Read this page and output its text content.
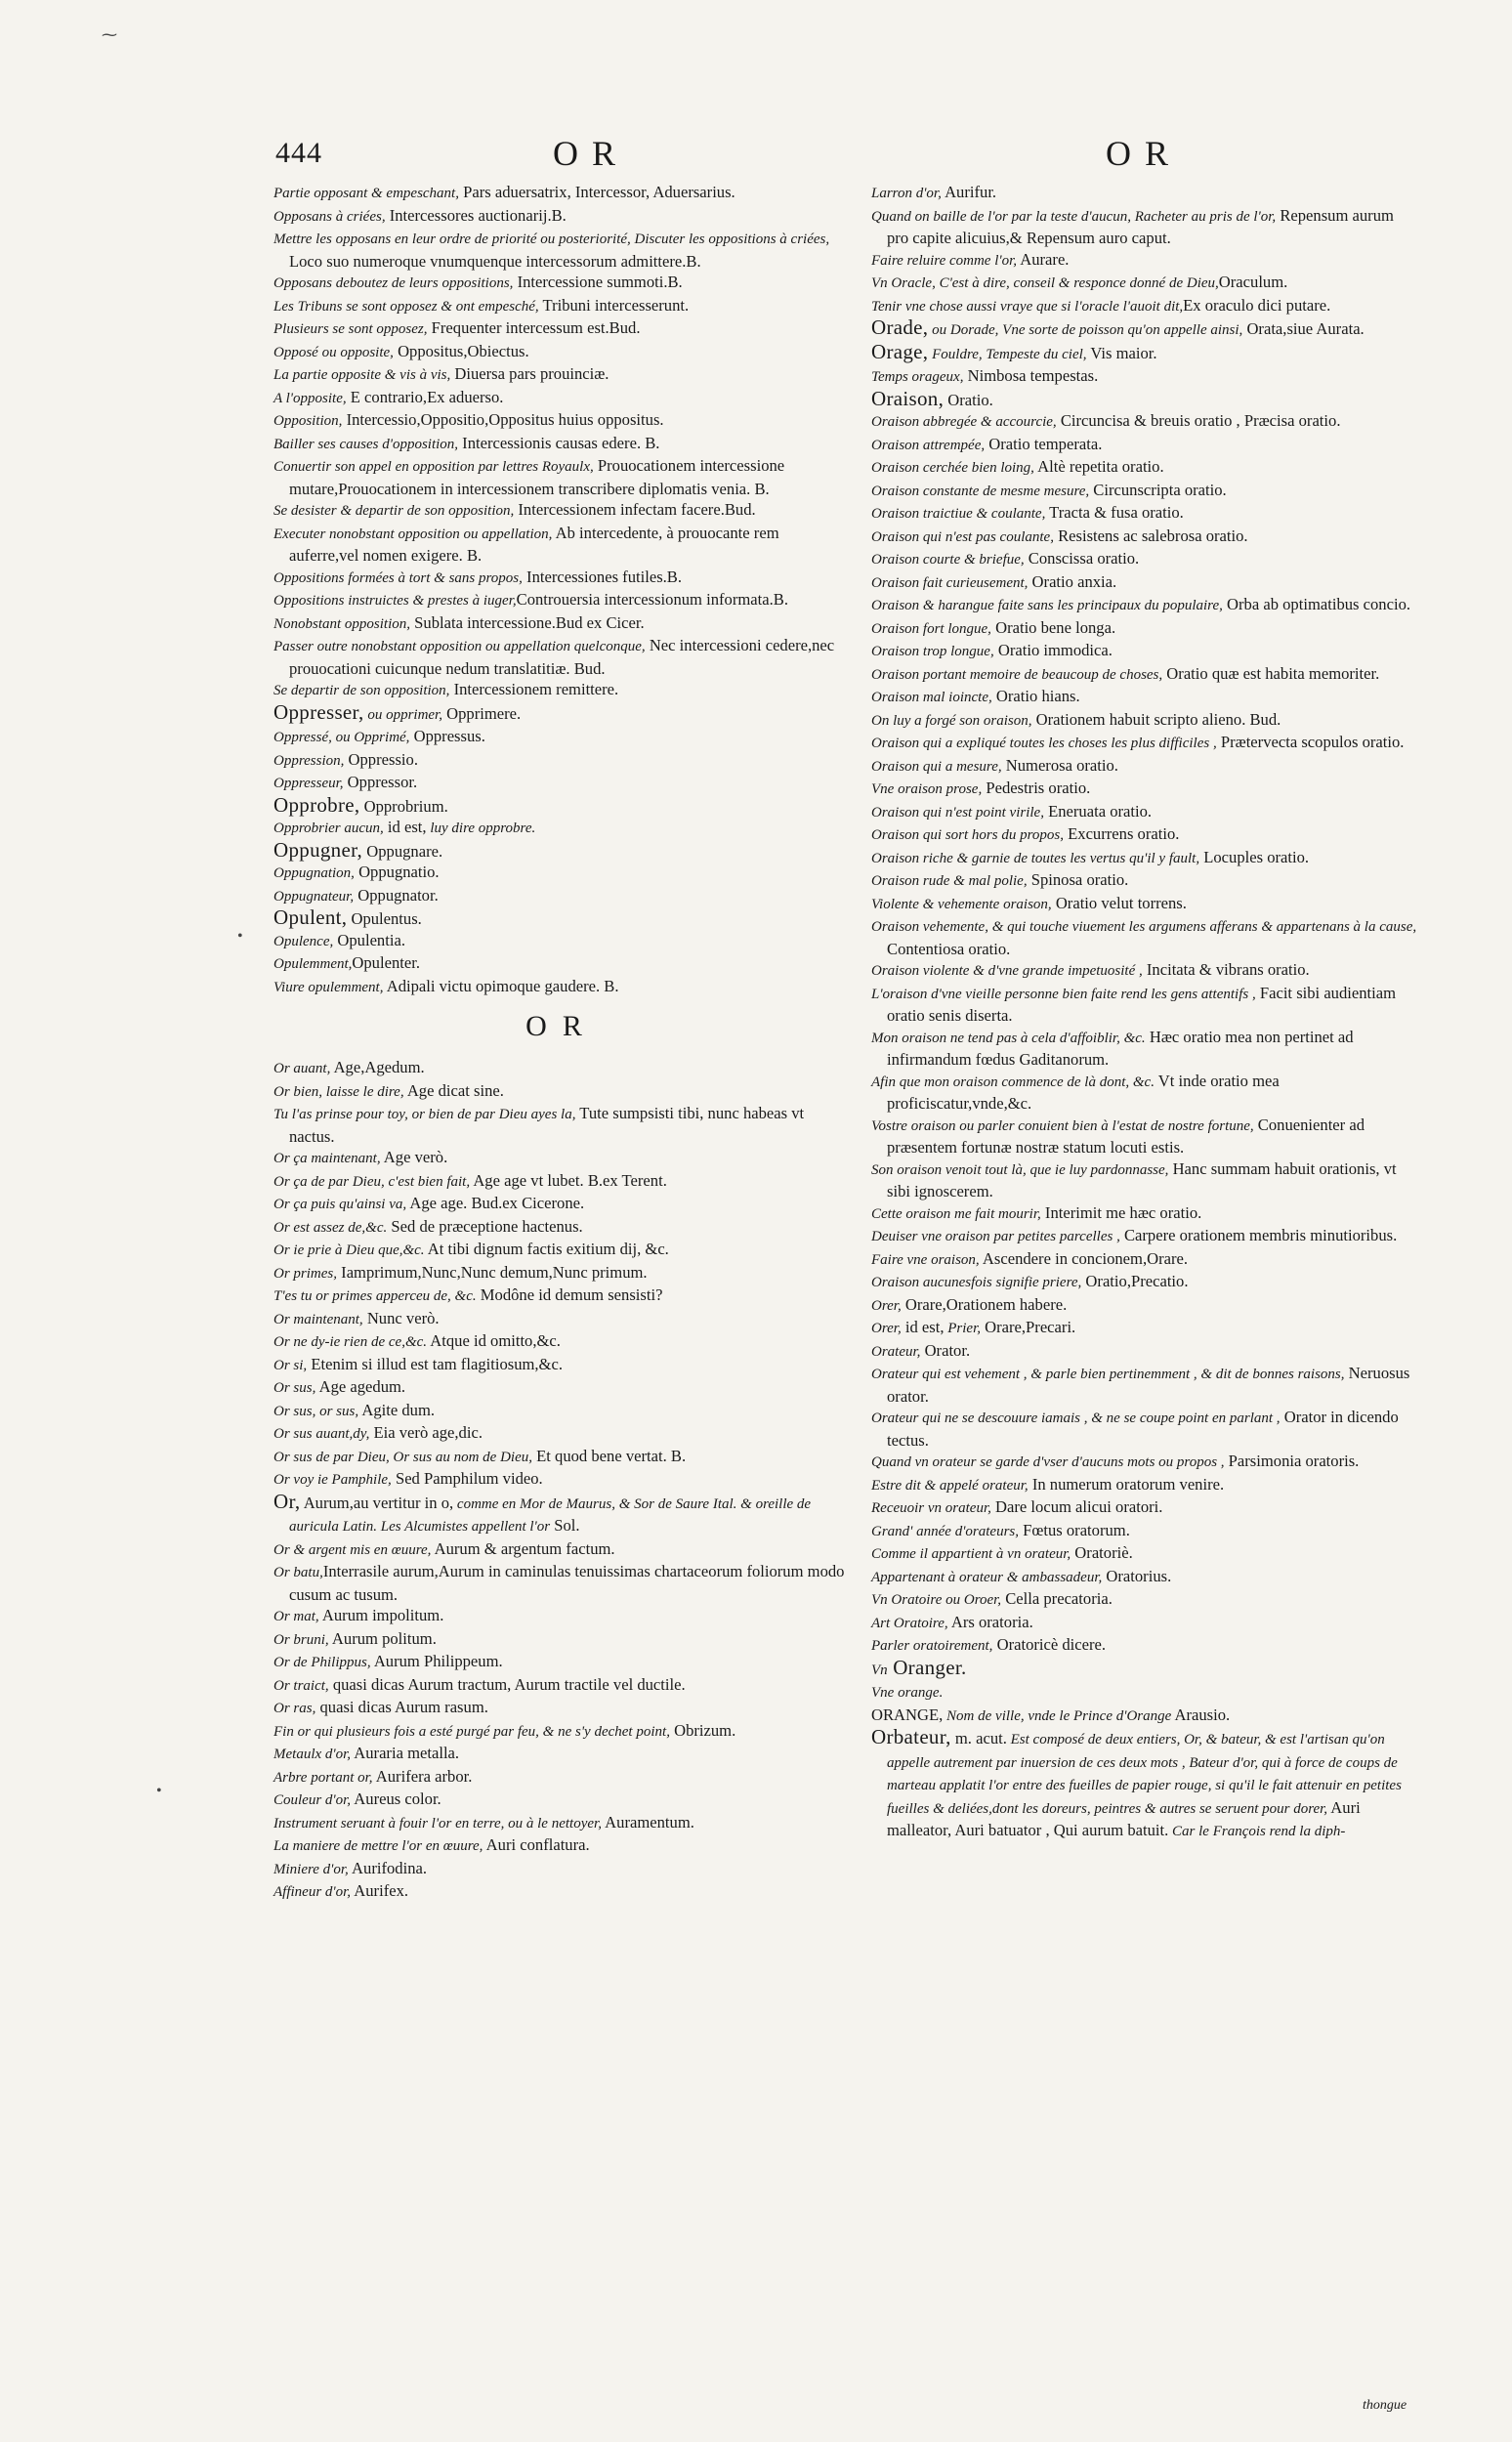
444	OR	OR

Partie opposant & empeschant, Pars aduersatrix, Intercessor, Aduersarius.

Opposans à criées, Intercessores auctionarij.B.

Mettre les opposans en leur ordre de priorité ou posteriorité, Discuter les oppositions à criées, Loco suo numeroque vnumquenque intercessorum admittere.B.

Opposans deboutez de leurs oppositions, Intercessione summoti.B.

Les Tribuns se sont opposez & ont empesché, Tribuni intercesserunt.

Plusieurs se sont opposez, Frequenter intercessum est.Bud.

Opposé ou opposite, Oppositus,Obiectus.

La partie opposite & vis à vis, Diuersa pars prouinciæ.

A l'opposite, E contrario,Ex aduerso.

Opposition, Intercessio,Oppositio,Oppositus huius oppositus.

Bailler ses causes d'opposition, Intercessionis causas edere. B.

Conuertir son appel en opposition par lettres Royaulx, Prouocationem intercessione mutare,Prouocationem in intercessionem transcribere diplomatis venia. B.

Se desister & departir de son opposition, Intercessionem infectam facere.Bud.

Executer nonobstant opposition ou appellation, Ab intercedente, à prouocante rem auferre,vel nomen exigere. B.

Oppositions formées à tort & sans propos, Intercessiones futiles.B.

Oppositions instruictes & prestes à iuger,Controuersia intercessionum informata.B.

Nonobstant opposition, Sublata intercessione.Bud ex Cicer.

Passer outre nonobstant opposition ou appellation quelconque, Nec intercessioni cedere,nec prouocationi cuicunque nedum translatitiæ. Bud.

Se departir de son opposition, Intercessionem remittere.

Oppresser, ou opprimer, Opprimere.

Oppressé, ou Opprimé, Oppressus.

Oppression, Oppressio.

Oppresseur, Oppressor.

Opprobre, Opprobrium.

Opprobrier aucun, id est, luy dire opprobre.

Oppugner, Oppugnare.

Oppugnation, Oppugnatio.

Oppugnateur, Oppugnator.

Opulent, Opulentus.

Opulence, Opulentia.

Opulemment,Opulenter.

Viure opulemment, Adipali victu opimoque gaudere. B.

OR

Or auant, Age,Agedum.

Or bien, laisse le dire, Age dicat sine.

Tu l'as prinse pour toy, or bien de par Dieu ayes la, Tute sumpsisti tibi, nunc habeas vt nactus.

Or ça maintenant, Age verò.

Or ça de par Dieu, c'est bien fait, Age age vt lubet. B.ex Terent.

Or ça puis qu'ainsi va, Age age. Bud.ex Cicerone.

Or est assez de,&c. Sed de præceptione hactenus.

Or ie prie à Dieu que,&c. At tibi dignum factis exitium dij, &c.

Or primes, Iamprimum,Nunc,Nunc demum,Nunc primum.

T'es tu or primes apperceu de, &c. Modône id demum sensisti?

Or maintenant, Nunc verò.

Or ne dy-ie rien de ce,&c. Atque id omitto,&c.

Or si, Etenim si illud est tam flagitiosum,&c.

Or sus, Age agedum.

Or sus, or sus, Agite dum.

Or sus auant,dy, Eia verò age,dic.

Or sus de par Dieu, Or sus au nom de Dieu, Et quod bene vertat. B.

Or voy ie Pamphile, Sed Pamphilum video.

Or, Aurum,au vertitur in o, comme en Mor de Maurus, & Sor de Saure Ital. & oreille de auricula Latin. Les Alcumistes appellent l'or Sol.

Or & argent mis en œuure, Aurum & argentum factum.

Or batu,Interrasile aurum,Aurum in caminulas tenuissimas chartaceorum foliorum modo cusum ac tusum.

Or mat, Aurum impolitum.

Or bruni, Aurum politum.

Or de Philippus, Aurum Philippeum.

Or traict, quasi dicas Aurum tractum, Aurum tractile vel ductile.

Or ras, quasi dicas Aurum rasum.

Fin or qui plusieurs fois a esté purgé par feu, & ne s'y dechet point, Obrizum.

Metaulx d'or, Auraria metalla.

Arbre portant or, Aurifera arbor.

Couleur d'or, Aureus color.

Instrument seruant à fouir l'or en terre, ou à le nettoyer, Auramentum.

La maniere de mettre l'or en œuure, Auri conflatura.

Miniere d'or, Aurifodina.

Affineur d'or, Aurifex.

Larron d'or, Aurifur.

Quand on baille de l'or par la teste d'aucun, Racheter au pris de l'or, Repensum aurum pro capite alicuius,& Repensum auro caput.

Faire reluire comme l'or, Aurare.

Vn Oracle, C'est à dire, conseil & responce donné de Dieu,Oraculum.

Tenir vne chose aussi vraye que si l'oracle l'auoit dit,Ex oraculo dici putare.

Orade, ou Dorade, Vne sorte de poisson qu'on appelle ainsi, Orata,siue Aurata.

Orage, Fouldre, Tempeste du ciel, Vis maior.

Temps orageux, Nimbosa tempestas.

Oraison, Oratio.

Oraison abbregée & accourcie, Circuncisa & breuis oratio , Præcisa oratio.

Oraison attrempée, Oratio temperata.

Oraison cerchée bien loing, Altè repetita oratio.

Oraison constante de mesme mesure, Circunscripta oratio.

Oraison traictiue & coulante, Tracta & fusa oratio.

Oraison qui n'est pas coulante, Resistens ac salebrosa oratio.

Oraison courte & briefue, Conscissa oratio.

Oraison fait curieusement, Oratio anxia.

Oraison & harangue faite sans les principaux du populaire, Orba ab optimatibus concio.

Oraison fort longue, Oratio bene longa.

Oraison trop longue, Oratio immodica.

Oraison portant memoire de beaucoup de choses, Oratio quæ est habita memoriter.

Oraison mal ioincte, Oratio hians.

On luy a forgé son oraison, Orationem habuit scripto alieno. Bud.

Oraison qui a expliqué toutes les choses les plus difficiles , Prætervecta scopulos oratio.

Oraison qui a mesure, Numerosa oratio.

Vne oraison prose, Pedestris oratio.

Oraison qui n'est point virile, Eneruata oratio.

Oraison qui sort hors du propos, Excurrens oratio.

Oraison riche & garnie de toutes les vertus qu'il y fault, Locuples oratio.

Oraison rude & mal polie, Spinosa oratio.

Violente & vehemente oraison, Oratio velut torrens.

Oraison vehemente, & qui touche viuement les argumens afferans & appartenans à la cause, Contentiosa oratio.

Oraison violente & d'vne grande impetuosité , Incitata & vibrans oratio.

L'oraison d'vne vieille personne bien faite rend les gens attentifs , Facit sibi audientiam oratio senis diserta.

Mon oraison ne tend pas à cela d'affoiblir, &c. Hæc oratio mea non pertinet ad infirmandum fœdus Gaditanorum.

Afin que mon oraison commence de là dont, &c. Vt inde oratio mea proficiscatur,vnde,&c.

Vostre oraison ou parler conuient bien à l'estat de nostre fortune, Conuenienter ad præsentem fortunæ nostræ statum locuti estis.

Son oraison venoit tout là, que ie luy pardonnasse, Hanc summam habuit orationis, vt sibi ignoscerem.

Cette oraison me fait mourir, Interimit me hæc oratio.

Deuiser vne oraison par petites parcelles , Carpere orationem membris minutioribus.

Faire vne oraison, Ascendere in concionem,Orare.

Oraison aucunesfois signifie priere, Oratio,Precatio.

Orer, Orare,Orationem habere.

Orer, id est, Prier, Orare,Precari.

Orateur, Orator.

Orateur qui est vehement , & parle bien pertinemment , & dit de bonnes raisons, Neruosus orator.

Orateur qui ne se descouure iamais , & ne se coupe point en parlant , Orator in dicendo tectus.

Quand vn orateur se garde d'vser d'aucuns mots ou propos , Parsimonia oratoris.

Estre dit & appelé orateur, In numerum oratorum venire.

Receuoir vn orateur, Dare locum alicui oratori.

Grand' année d'orateurs, Fœtus oratorum.

Comme il appartient à vn orateur, Oratoriè.

Appartenant à orateur & ambassadeur, Oratorius.

Vn Oratoire ou Oroer, Cella precatoria.

Art Oratoire, Ars oratoria.

Parler oratoirement, Oratoricè dicere.

Vn Oranger.

Vne orange.

ORANGE, Nom de ville, vnde le Prince d'Orange Arausio.

Orbateur, m. acut. Est composé de deux entiers, Or, & bateur, & est l'artisan qu'on appelle autrement par inuersion de ces deux mots , Bateur d'or, qui à force de coups de marteau applatit l'or entre des fueilles de papier rouge, si qu'il le fait attenuir en petites fueilles & deliées,dont les doreurs, peintres & autres se seruent pour dorer, Auri malleator, Auri batuator , Qui aurum batuit. Car le François rend la diph-

thongue
⁓
•
•
